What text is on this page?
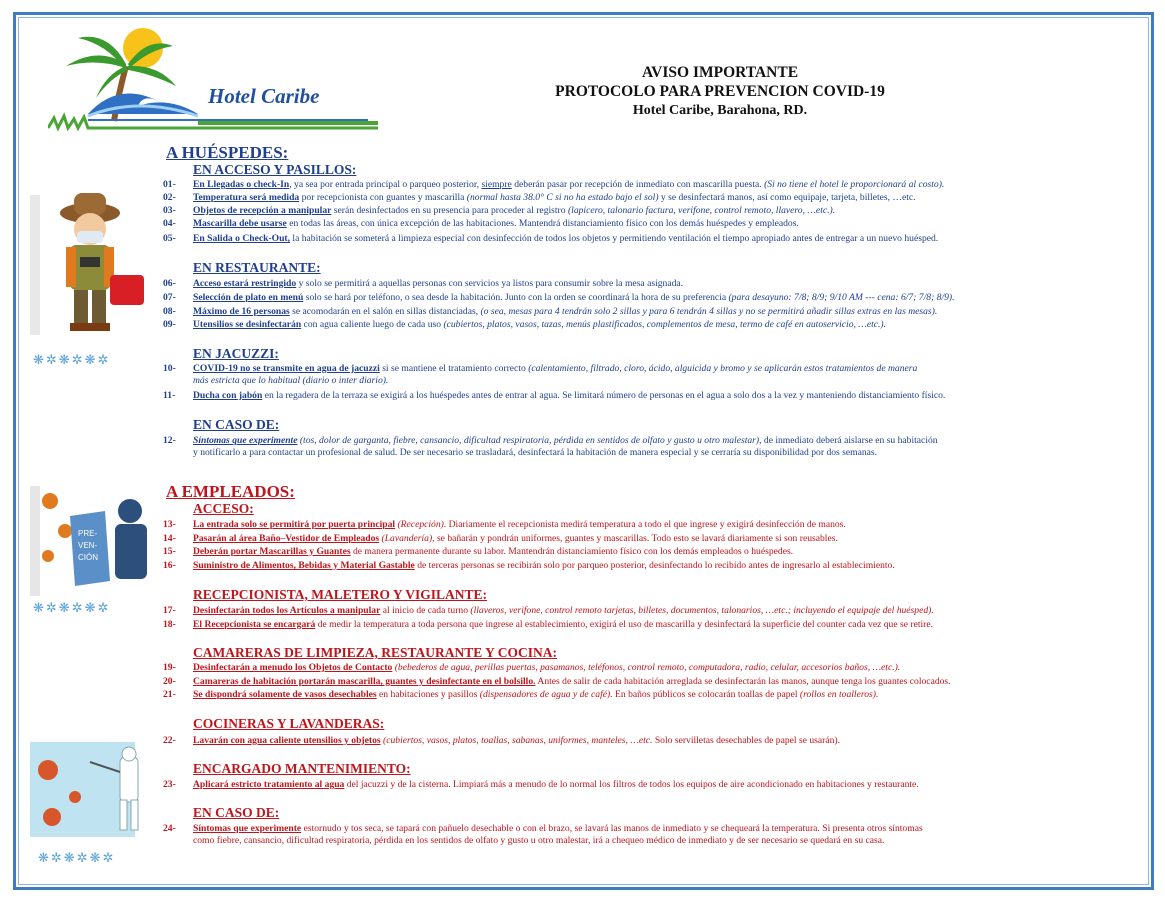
Hotel Caribe
AVISO IMPORTANTE
PROTOCOLO PARA PREVENCION COVID-19
Hotel Caribe, Barahona, RD.
❋✲❋✲❋✲
PRE-
VEN-
CIÓN
❋✲❋✲❋✲
❋✲❋✲❋✲
A HUÉSPEDES:
EN ACCESO Y PASILLOS:
01- En Llegadas o check-In, ya sea por entrada principal o parqueo posterior, siempre deberán pasar por recepción de inmediato con mascarilla puesta. (Si no tiene el hotel le proporcionará al costo).
02- Temperatura será medida por recepcionista con guantes y mascarilla (normal hasta 38.0° C si no ha estado bajo el sol) y se desinfectará manos, así como equipaje, tarjeta, billetes, …etc.
03- Objetos de recepción a manipular serán desinfectados en su presencia para proceder al registro (lapicero, talonario factura, verifone, control remoto, llavero, …etc.).
04- Mascarilla debe usarse en todas las áreas, con única excepción de las habitaciones. Mantendrá distanciamiento físico con los demás huéspedes y empleados.
05- En Salida o Check-Out, la habitación se someterá a limpieza especial con desinfección de todos los objetos y permitiendo ventilación el tiempo apropiado antes de entregar a un nuevo huésped.
EN RESTAURANTE:
06- Acceso estará restringido y solo se permitirá a aquellas personas con servicios ya listos para consumir sobre la mesa asignada.
07- Selección de plato en menú solo se hará por teléfono, o sea desde la habitación. Junto con la orden se coordinará la hora de su preferencia (para desayuno: 7/8; 8/9; 9/10 AM --- cena: 6/7; 7/8; 8/9).
08- Máximo de 16 personas se acomodarán en el salón en sillas distanciadas, (o sea, mesas para 4 tendrán solo 2 sillas y para 6 tendrán 4 sillas y no se permitirá añadir sillas extras en las mesas).
09- Utensilios se desinfectarán con agua caliente luego de cada uso (cubiertos, platos, vasos, tazas, menús plastificados, complementos de mesa, termo de café en autoservicio, …etc.).
EN JACUZZI:
10- COVID-19 no se transmite en agua de jacuzzi si se mantiene el tratamiento correcto (calentamiento, filtrado, cloro, ácido, alguicida y bromo y se aplicarán estos tratamientos de manera
más estricta que lo habitual (diario o inter diario).
11- Ducha con jabón en la regadera de la terraza se exigirá a los huéspedes antes de entrar al agua. Se limitará número de personas en el agua a solo dos a la vez y manteniendo distanciamiento físico.
EN CASO DE:
12- Síntomas que experimente (tos, dolor de garganta, fiebre, cansancio, dificultad respiratoria, pérdida en sentidos de olfato y gusto u otro malestar), de inmediato deberá aislarse en su habitación
y notificarlo a para contactar un profesional de salud. De ser necesario se trasladará, desinfectará la habitación de manera especial y se cerraría su disponibilidad por dos semanas.
A EMPLEADOS:
ACCESO:
13- La entrada solo se permitirá por puerta principal (Recepción). Diariamente el recepcionista medirá temperatura a todo el que ingrese y exigirá desinfección de manos.
14- Pasarán al área Baño–Vestidor de Empleados (Lavandería), se bañarán y pondrán uniformes, guantes y mascarillas. Todo esto se lavará diariamente si son reusables.
15- Deberán portar Mascarillas y Guantes de manera permanente durante su labor. Mantendrán distanciamiento físico con los demás empleados o huéspedes.
16- Suministro de Alimentos, Bebidas y Material Gastable de terceras personas se recibirán solo por parqueo posterior, desinfectando lo recibido antes de ingresarlo al establecimiento.
RECEPCIONISTA, MALETERO Y VIGILANTE:
17- Desinfectarán todos los Artículos a manipular al inicio de cada turno (llaveros, verifone, control remoto tarjetas, billetes, documentos, talonarios, …etc.; incluyendo el equipaje del huésped).
18- El Recepcionista se encargará de medir la temperatura a toda persona que ingrese al establecimiento, exigirá el uso de mascarilla y desinfectará la superficie del counter cada vez que se retire.
CAMARERAS DE LIMPIEZA, RESTAURANTE Y COCINA:
19- Desinfectarán a menudo los Objetos de Contacto (bebederos de agua, perillas puertas, pasamanos, teléfonos, control remoto, computadora, radio, celular, accesorios baños, …etc.).
20- Camareras de habitación portarán mascarilla, guantes y desinfectante en el bolsillo. Antes de salir de cada habitación arreglada se desinfectarán las manos, aunque tenga los guantes colocados.
21- Se dispondrá solamente de vasos desechables en habitaciones y pasillos (dispensadores de agua y de café). En baños públicos se colocarán toallas de papel (rollos en toalleros).
COCINERAS Y LAVANDERAS:
22- Lavarán con agua caliente utensilios y objetos (cubiertos, vasos, platos, toallas, sabanas, uniformes, manteles, …etc. Solo servilletas desechables de papel se usarán).
ENCARGADO MANTENIMIENTO:
23- Aplicará estricto tratamiento al agua del jacuzzi y de la cisterna. Limpiará más a menudo de lo normal los filtros de todos los equipos de aire acondicionado en habitaciones y restaurante.
EN CASO DE:
24- Síntomas que experimente estornudo y tos seca, se tapará con pañuelo desechable o con el brazo, se lavará las manos de inmediato y se chequeará la temperatura. Si presenta otros síntomas
como fiebre, cansancio, dificultad respiratoria, pérdida en los sentidos de olfato y gusto u otro malestar, irá a chequeo médico de inmediato y de ser necesario se quedará en su casa.
